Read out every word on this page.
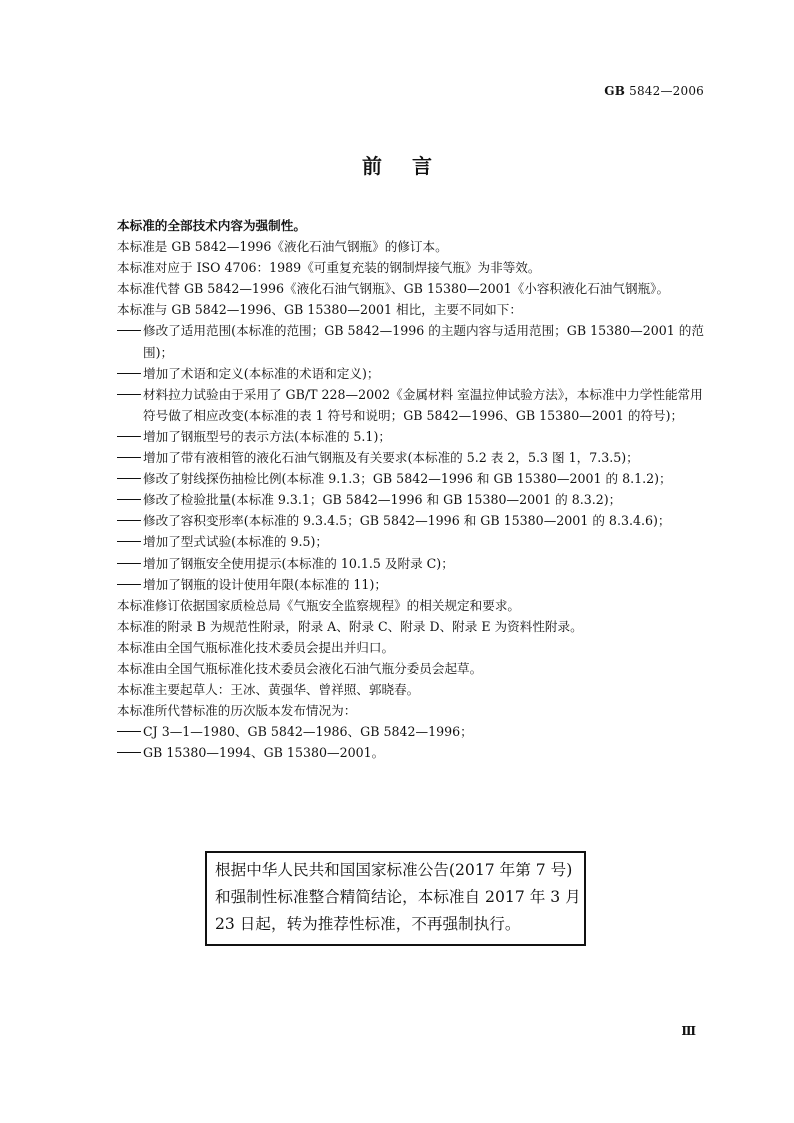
GB 5842—2006
前言

本标准的全部技术内容为强制性。

本标准是 GB 5842—1996《液化石油气钢瓶》的修订本。

本标准对应于 ISO 4706：1989《可重复充装的钢制焊接气瓶》为非等效。

本标准代替 GB 5842—1996《液化石油气钢瓶》、GB 15380—2001《小容积液化石油气钢瓶》。

本标准与 GB 5842—1996、GB 15380—2001 相比，主要不同如下：

修改了适用范围(本标准的范围；GB 5842—1996 的主题内容与适用范围；GB 15380—2001 的范围)；
增加了术语和定义(本标准的术语和定义)；
材料拉力试验由于采用了 GB/T 228—2002《金属材料 室温拉伸试验方法》，本标准中力学性能常用符号做了相应改变(本标准的表 1 符号和说明；GB 5842—1996、GB 15380—2001 的符号)；
增加了钢瓶型号的表示方法(本标准的 5.1)；
增加了带有液相管的液化石油气钢瓶及有关要求(本标准的 5.2 表 2，5.3 图 1，7.3.5)；
修改了射线探伤抽检比例(本标准 9.1.3；GB 5842—1996 和 GB 15380—2001 的 8.1.2)；
修改了检验批量(本标准 9.3.1；GB 5842—1996 和 GB 15380—2001 的 8.3.2)；
修改了容积变形率(本标准的 9.3.4.5；GB 5842—1996 和 GB 15380—2001 的 8.3.4.6)；
增加了型式试验(本标准的 9.5)；
增加了钢瓶安全使用提示(本标准的 10.1.5 及附录 C)；
增加了钢瓶的设计使用年限(本标准的 11)；

本标准修订依据国家质检总局《气瓶安全监察规程》的相关规定和要求。

本标准的附录 B 为规范性附录，附录 A、附录 C、附录 D、附录 E 为资料性附录。

本标准由全国气瓶标准化技术委员会提出并归口。

本标准由全国气瓶标准化技术委员会液化石油气瓶分委员会起草。

本标准主要起草人：王冰、黄强华、曾祥照、郭晓春。

本标准所代替标准的历次版本发布情况为：

CJ 3—1—1980、GB 5842—1986、GB 5842—1996；
GB 15380—1994、GB 15380—2001。
根据中华人民共和国国家标准公告(2017 年第 7 号)和强制性标准整合精简结论，本标准自 2017 年 3 月 23 日起，转为推荐性标准，不再强制执行。
Ⅲ
